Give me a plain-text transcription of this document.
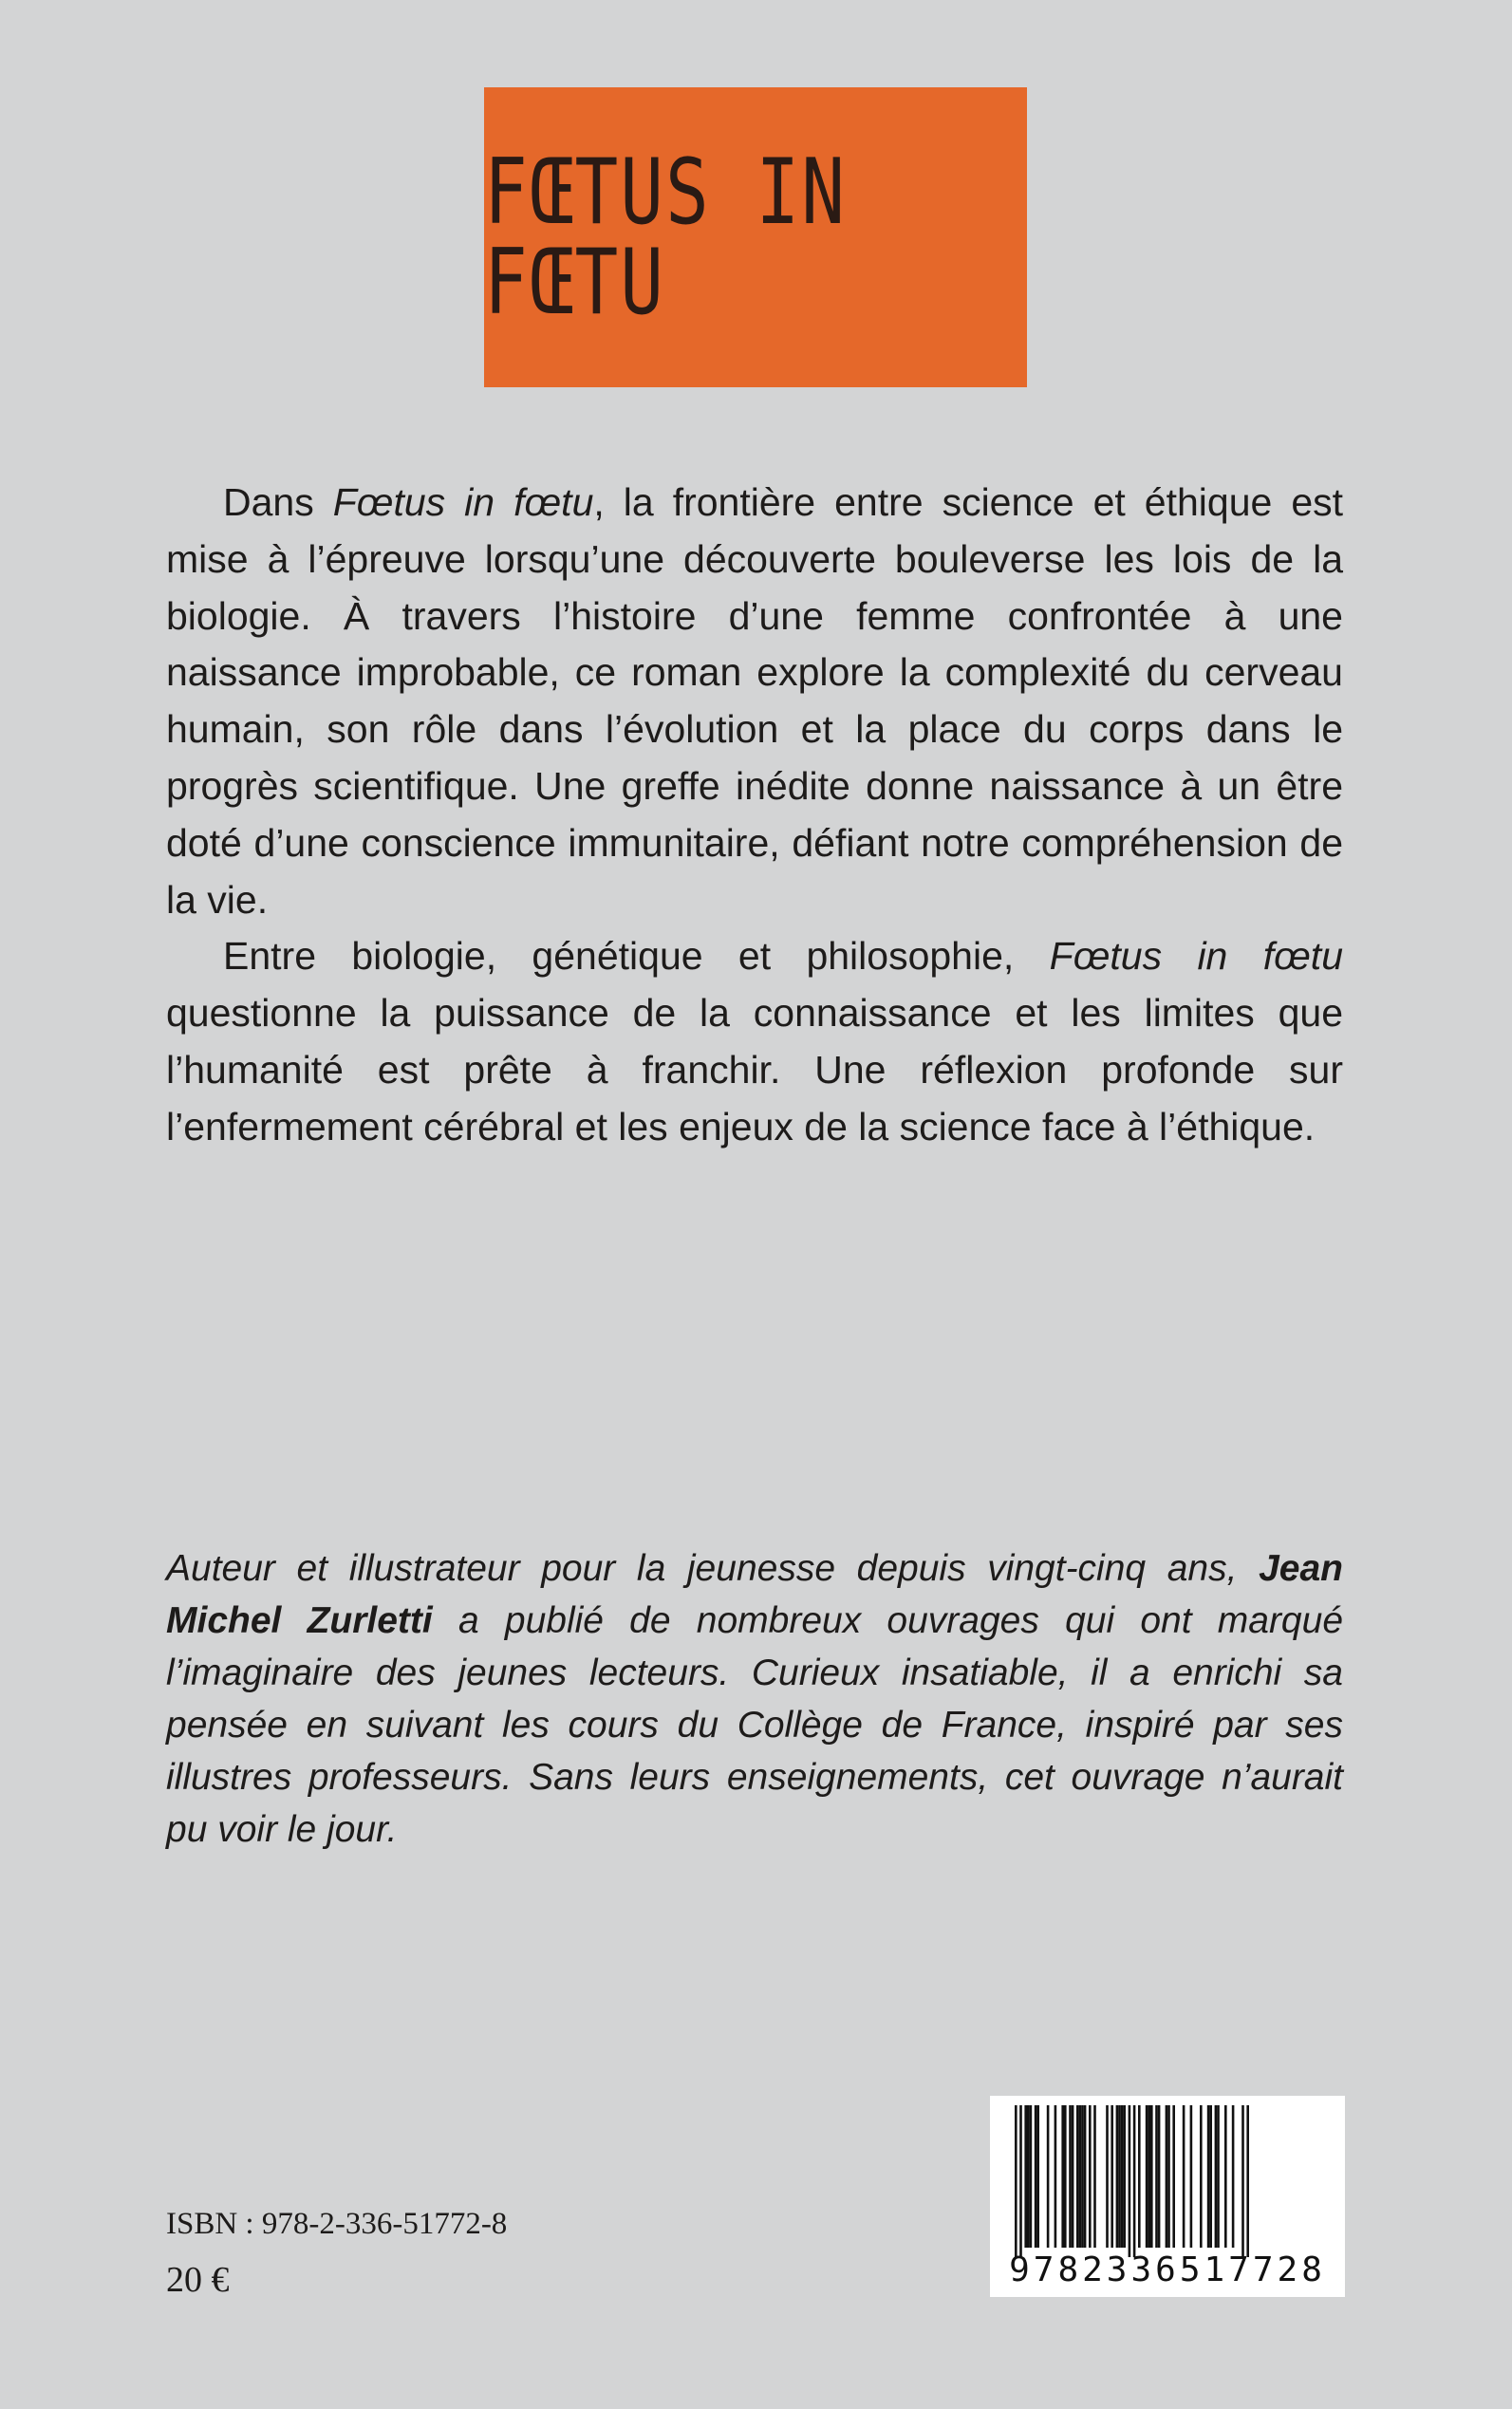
FŒTUS IN FŒTU

Dans Fœtus in fœtu, la frontière entre science et éthique est mise à l’épreuve lorsqu’une découverte bouleverse les lois de la biologie. À travers l’histoire d’une femme confrontée à une naissance improbable, ce roman explore la complexité du cerveau humain, son rôle dans l’évolution et la place du corps dans le progrès scientifique. Une greffe inédite donne naissance à un être doté d’une conscience immunitaire, défiant notre compréhension de la vie.

Entre biologie, génétique et philosophie, Fœtus in fœtu questionne la puissance de la connaissance et les limites que l’humanité est prête à franchir. Une réflexion profonde sur l’enfermement cérébral et les enjeux de la science face à l’éthique.

Auteur et illustrateur pour la jeunesse depuis vingt-cinq ans, Jean Michel Zurletti a publié de nombreux ouvrages qui ont marqué l’imaginaire des jeunes lecteurs. Curieux insatiable, il a enrichi sa pensée en suivant les cours du Collège de France, inspiré par ses illustres professeurs. Sans leurs enseignements, cet ouvrage n’aurait pu voir le jour.

ISBN : 978-2-336-51772-8

20 €	9782336517728
